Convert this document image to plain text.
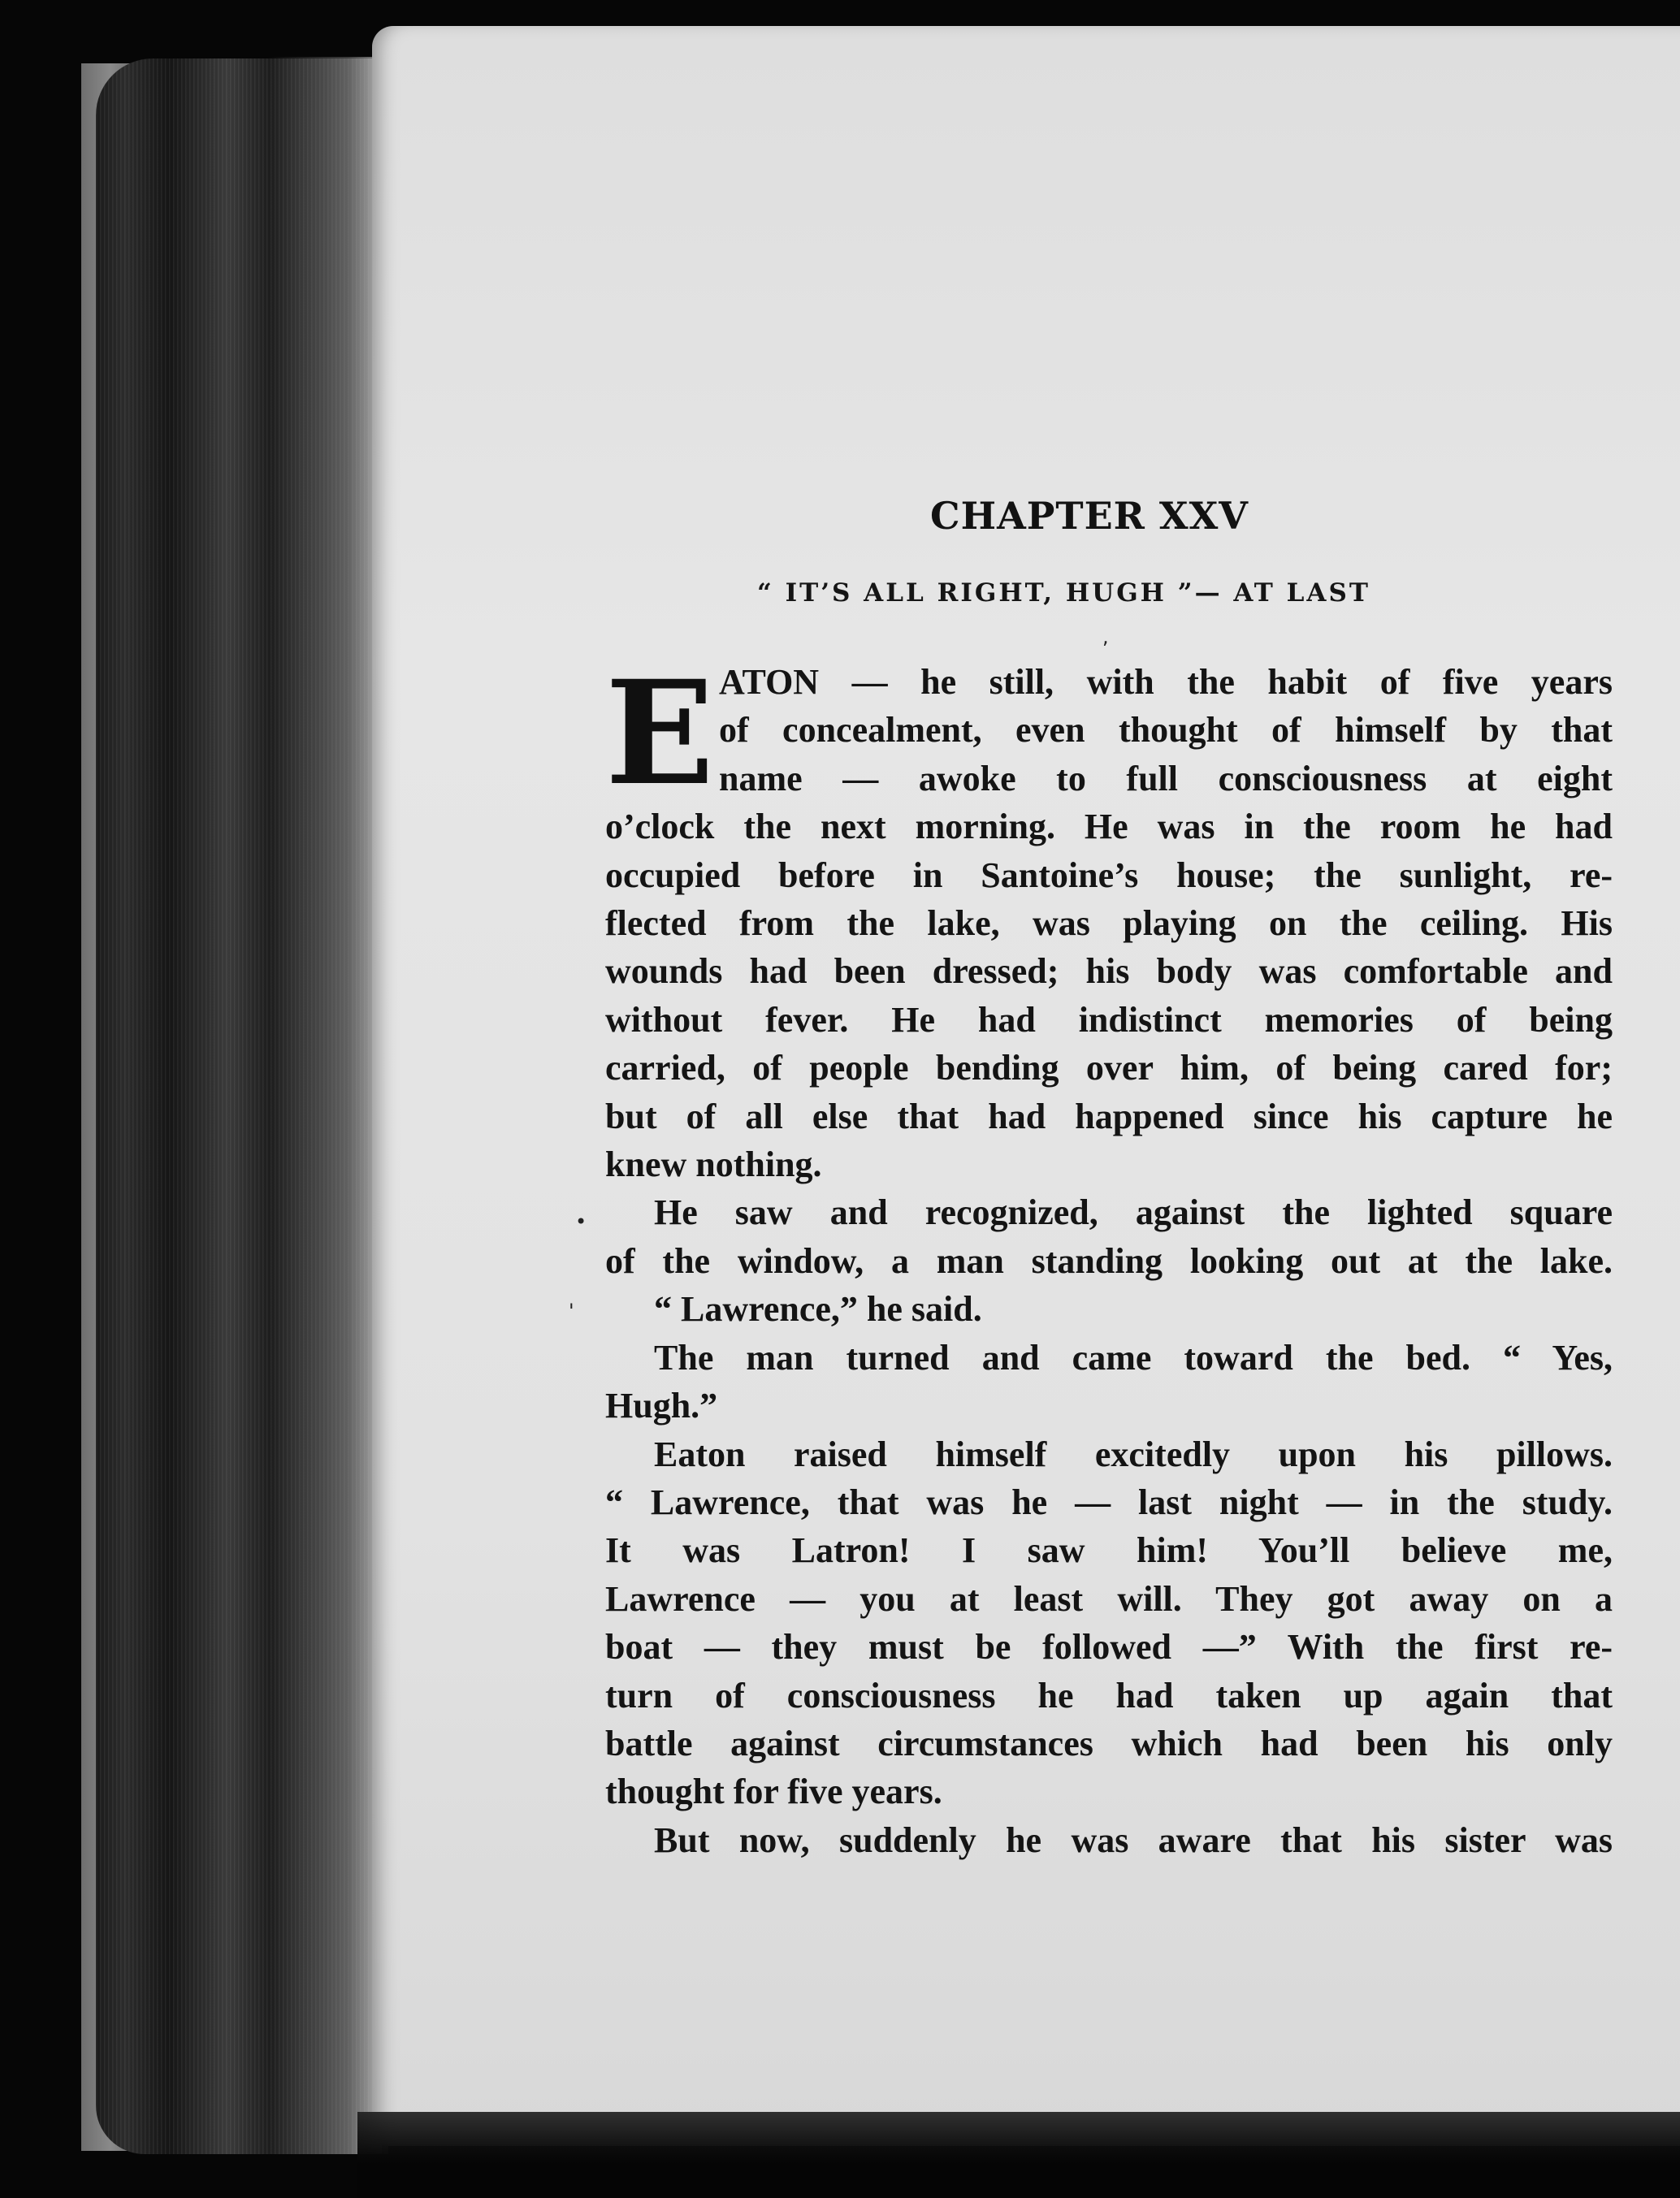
CHAPTER XXV
“ IT’S ALL RIGHT, HUGH ”— AT LAST
,
•
'
E ATON — he still, with the habit of five years

of concealment, even thought of himself by that

name — awoke to full consciousness at eight

o’clock the next morning. He was in the room he had

occupied before in Santoine’s house; the sunlight, re-

flected from the lake, was playing on the ceiling. His

wounds had been dressed; his body was comfortable and

without fever. He had indistinct memories of being

carried, of people bending over him, of being cared for;

but of all else that had happened since his capture he

knew nothing.

He saw and recognized, against the lighted square

of the window, a man standing looking out at the lake.

“ Lawrence,” he said.

The man turned and came toward the bed. “ Yes,

Hugh.”

Eaton raised himself excitedly upon his pillows.

“ Lawrence, that was he — last night — in the study.

It was Latron! I saw him! You’ll believe me,

Lawrence — you at least will. They got away on a

boat — they must be followed —” With the first re-

turn of consciousness he had taken up again that

battle against circumstances which had been his only

thought for five years.

But now, suddenly he was aware that his sister was
